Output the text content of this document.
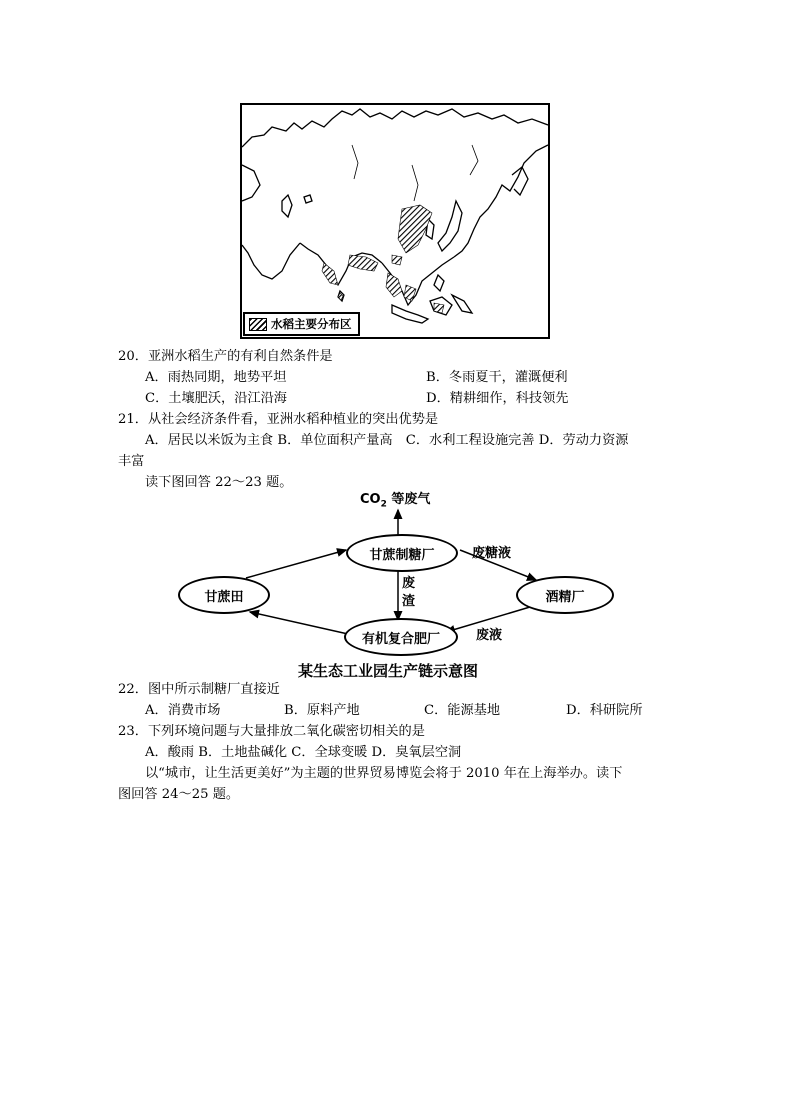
水稻主要分布区
20．亚洲水稻生产的有利自然条件是
A．雨热同期，地势平坦	B．冬雨夏干，灌溉便利
C．土壤肥沃，沿江沿海	D．精耕细作，科技领先
21．从社会经济条件看，亚洲水稻种植业的突出优势是
A．居民以米饭为主食 B．单位面积产量高　C．水利工程设施完善 D．劳动力资源
丰富
读下图回答 22～23 题。
$CO_2$ 等废气
甘蔗制糖厂
甘蔗田	酒精厂
有机复合肥厂
废糖液
废
渣
废液
某生态工业园生产链示意图
22．图中所示制糖厂直接近
A．消费市场	B．原料产地	C．能源基地	D．科研院所
23．下列环境问题与大量排放二氧化碳密切相关的是
A．酸雨 B．土地盐碱化 C．全球变暖 D．臭氧层空洞
以“城市，让生活更美好”为主题的世界贸易博览会将于 2010 年在上海举办。读下
图回答 24～25 题。
